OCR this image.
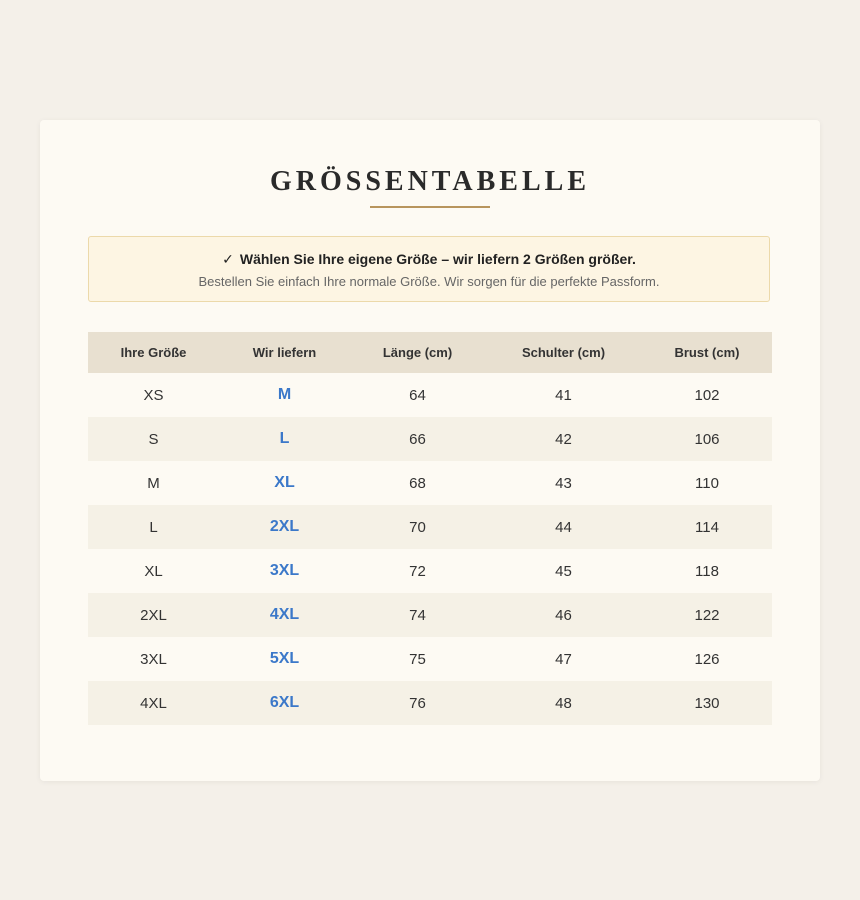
GRÖSSENTABELLE
✓ Wählen Sie Ihre eigene Größe – wir liefern 2 Größen größer.
Bestellen Sie einfach Ihre normale Größe. Wir sorgen für die perfekte Passform.
Ihre Größe	Wir liefern	Länge (cm)	Schulter (cm)	Brust (cm)
XS	M	64	41	102
S	L	66	42	106
M	XL	68	43	110
L	2XL	70	44	114
XL	3XL	72	45	118
2XL	4XL	74	46	122
3XL	5XL	75	47	126
4XL	6XL	76	48	130
